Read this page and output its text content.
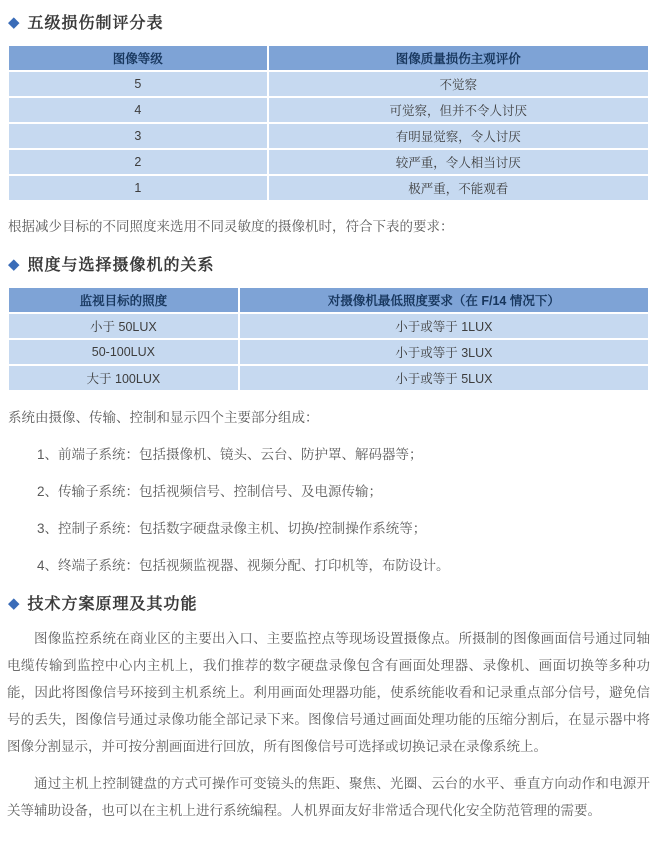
◆ 五级损伤制评分表
图像等级	图像质量损伤主观评价
5	不觉察
4	可觉察，但并不令人讨厌
3	有明显觉察，令人讨厌
2	较严重，令人相当讨厌
1	极严重，不能观看

根据减少目标的不同照度来选用不同灵敏度的摄像机时，符合下表的要求：

◆ 照度与选择摄像机的关系
监视目标的照度	对摄像机最低照度要求（在 F/14 情况下）
小于 50LUX	小于或等于 1LUX
50-100LUX	小于或等于 3LUX
大于 100LUX	小于或等于 5LUX

系统由摄像、传输、控制和显示四个主要部分组成：

1、前端子系统：包括摄像机、镜头、云台、防护罩、解码器等；

2、传输子系统：包括视频信号、控制信号、及电源传输；

3、控制子系统：包括数字硬盘录像主机、切换/控制操作系统等；

4、终端子系统：包括视频监视器、视频分配、打印机等，布防设计。

◆ 技术方案原理及其功能

图像监控系统在商业区的主要出入口、主要监控点等现场设置摄像点。所摄制的图像画面信号通过同轴电缆传输到监控中心内主机上，我们推荐的数字硬盘录像包含有画面处理器、录像机、画面切换等多种功能，因此将图像信号环接到主机系统上。利用画面处理器功能，使系统能收看和记录重点部分信号，避免信号的丢失，图像信号通过录像功能全部记录下来。图像信号通过画面处理功能的压缩分割后，在显示器中将图像分割显示，并可按分割画面进行回放，所有图像信号可选择或切换记录在录像系统上。

通过主机上控制键盘的方式可操作可变镜头的焦距、聚焦、光圈、云台的水平、垂直方向动作和电源开关等辅助设备，也可以在主机上进行系统编程。人机界面友好非常适合现代化安全防范管理的需要。
